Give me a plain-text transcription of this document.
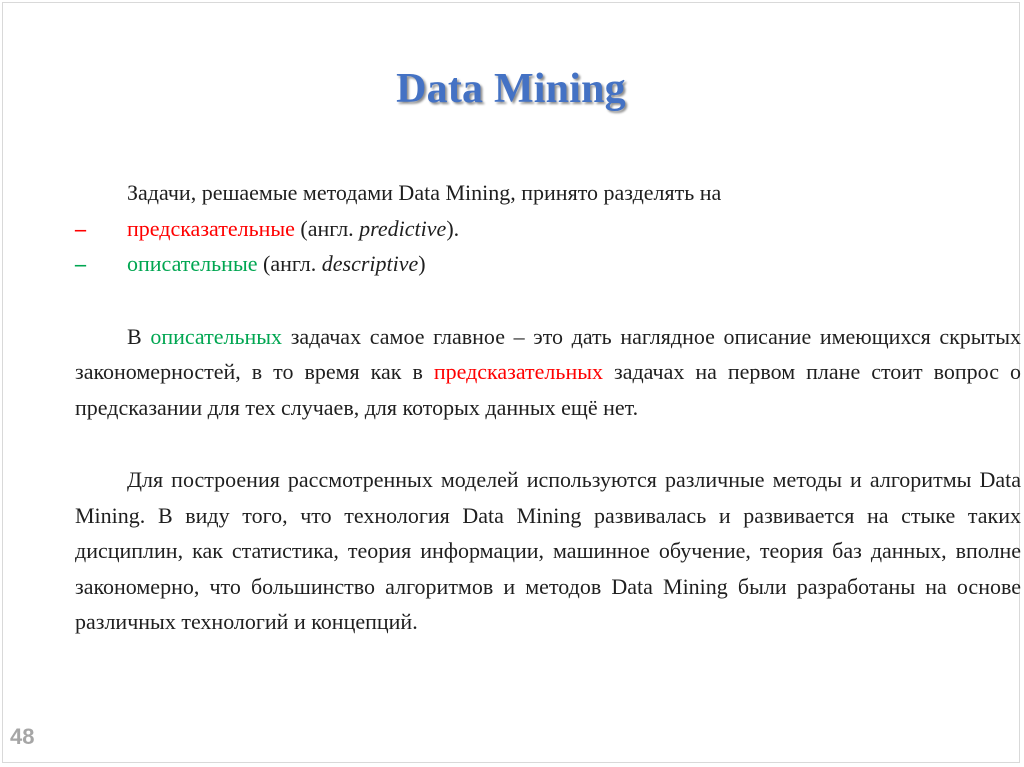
Data Mining

Задачи, решаемые методами Data Mining, принято разделять на

– предсказательные (англ. predictive).
– описательные (англ. descriptive)

В описательных задачах самое главное – это дать наглядное описание имеющихся скрытых закономерностей, в то время как в предсказательных задачах на первом плане стоит вопрос о предсказании для тех случаев, для которых данных ещё нет.

Для построения рассмотренных моделей используются различные методы и алгоритмы Data Mining. В виду того, что технология Data Mining развивалась и развивается на стыке таких дисциплин, как статистика, теория информации, машинное обучение, теория баз данных, вполне закономерно, что большинство алгоритмов и методов Data Mining были разработаны на основе различных технологий и концепций.

48
